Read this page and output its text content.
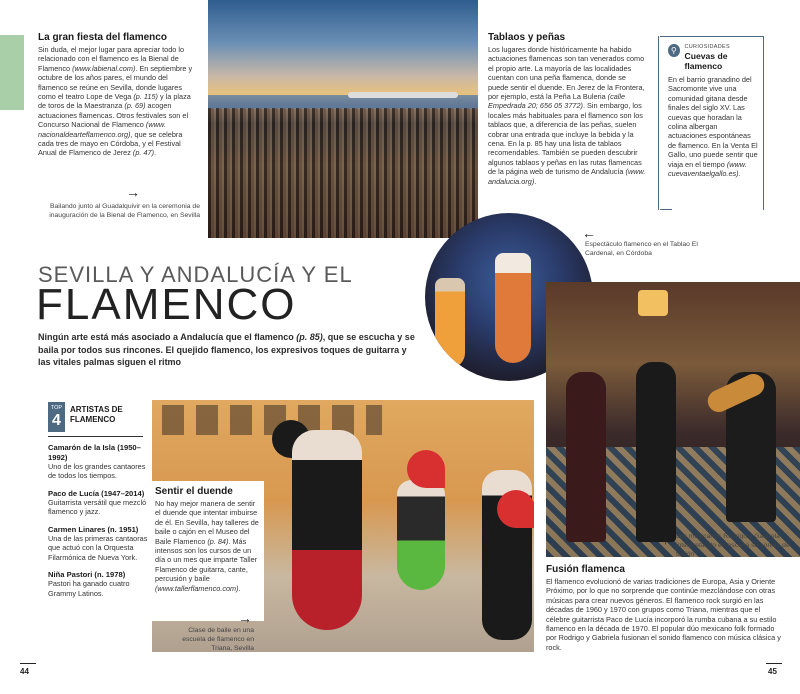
La gran fiesta del flamenco
Sin duda, el mejor lugar para apreciar todo lo relacionado con el flamenco es la Bienal de Flamenco (www.labienal.com). En septiembre y octubre de los años pares, el mundo del flamenco se reúne en Sevilla, donde lugares como el teatro Lope de Vega (p. 115) y la plaza de toros de la Maestranza (p. 69) acogen actuaciones flamencas. Otros festivales son el Concurso Nacional de Flamenco (www. nacionaldearteflamenco.org), que se celebra cada tres de mayo en Córdoba, y el Festival Anual de Flamenco de Jerez (p. 47).
→
Bailando junto al Guadalquivir en la ceremonia de inauguración de la Bienal de Flamenco, en Sevilla
Tablaos y peñas
Los lugares donde históricamente ha habido actuaciones flamencas son tan venerados como el propio arte. La mayoría de las localidades cuentan con una peña flamenca, donde se puede sentir el duende. En Jerez de la Frontera, por ejemplo, está la Peña La Buleria (calle Empedrada 20; 656 05 3772). Sin embargo, los locales más habituales para el flamenco son los tablaos que, a diferencia de las peñas, suelen cobrar una entrada que incluye la bebida y la cena. En la p. 85 hay una lista de tablaos recomendables. También se pueden descubrir algunos tablaos y peñas en las rutas flamencas de la página web de turismo de Andalucía (www. andalucia.org).
⚲	CURIOSIDADES
Cuevas de flamenco
En el barrio granadino del Sacromonte vive una comunidad gitana desde finales del siglo XV. Las cuevas que horadan la colina albergan actuaciones espontáneas de flamenco. En la Venta El Gallo, uno puede sentir que viaja en el tiempo (www. cuevaventaelgallo.es).
←
Espectáculo flamenco en el Tablao El Cardenal, en Córdoba
SEVILLA Y ANDALUCÍA Y EL
FLAMENCO
Ningún arte está más asociado a Andalucía que el flamenco (p. 85), que se escucha y se baila por todos sus rincones. El quejido flamenco, los expresivos toques de guitarra y las vitales palmas siguen el ritmo
↑ Los mexicanos Rodrigo y Gabriela interpretando en escena su sonido de fusión
TOP
4
ARTISTAS DE FLAMENCO
Camarón de la Isla (1950–1992)
Uno de los grandes cantaores de todos los tiempos.
Paco de Lucía (1947–2014)
Guitarrista versátil que mezcló flamenco y jazz.
Carmen Linares (n. 1951)
Una de las primeras cantaoras que actuó con la Orquesta Filarmónica de Nueva York.
Niña Pastori (n. 1978)
Pastori ha ganado cuatro Grammy Latinos.
Sentir el duende
No hay mejor manera de sentir el duende que intentar imbuirse de él. En Sevilla, hay talleres de baile o cajón en el Museo del Baile Flamenco (p. 84). Más intensos son los cursos de un día o un mes que imparte Taller Flamenco de guitarra, cante, percusión y baile (www.tallerflamenco.com).
→
Clase de baile en una escuela de flamenco en Triana, Sevilla
Fusión flamenca
El flamenco evolucionó de varias tradiciones de Europa, Asia y Oriente Próximo, por lo que no sorprende que continúe mezclándose con otras músicas para crear nuevos géneros. El flamenco rock surgió en las décadas de 1960 y 1970 con grupos como Triana, mientras que el célebre guitarrista Paco de Lucía incorporó la rumba cubana a su estilo flamenco en la década de 1970. El popular dúo mexicano folk formado por Rodrigo y Gabriela fusionan el sonido flamenco con música clásica y rock.
44	45
